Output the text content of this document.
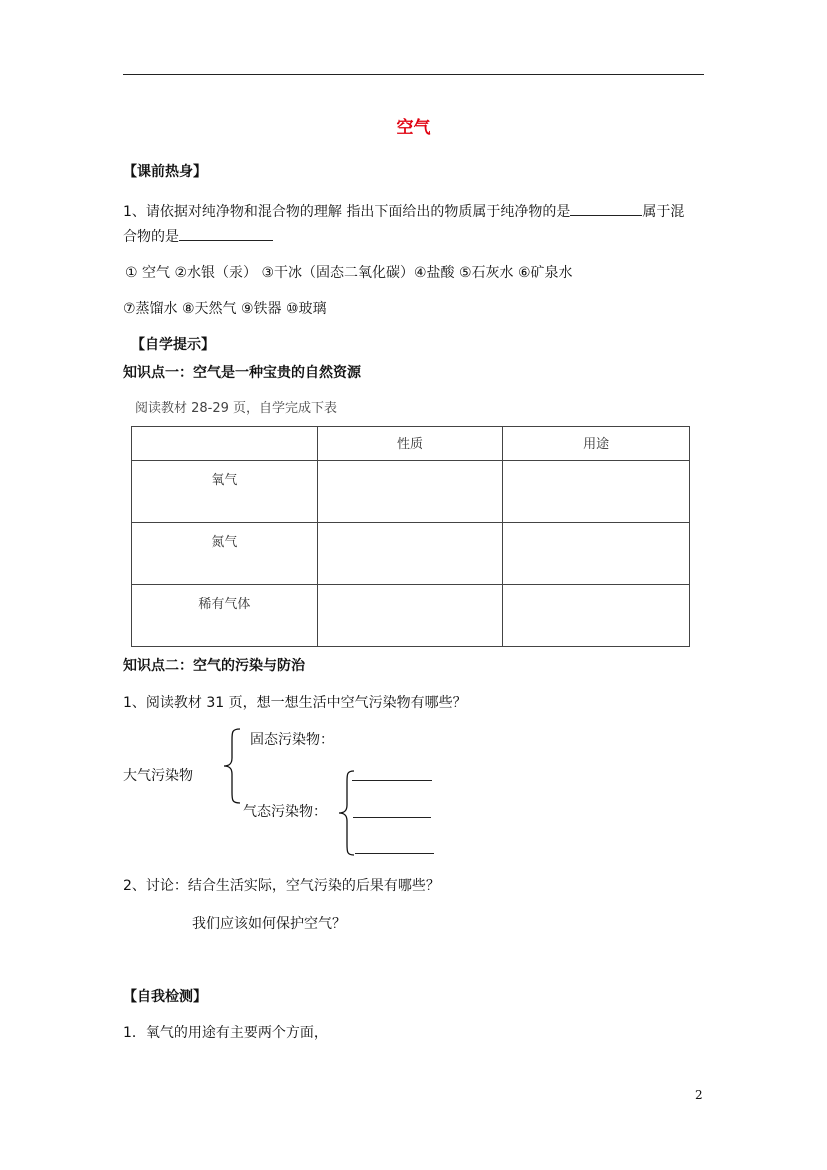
空气
【课前热身】
1、请依据对纯净物和混合物的理解 指出下面给出的物质属于纯净物的是	属于混
合物的是
① 空气 ②水银（汞） ③干冰（固态二氧化碳）④盐酸 ⑤石灰水 ⑥矿泉水
⑦蒸馏水 ⑧天然气 ⑨铁器 ⑩玻璃
【自学提示】
知识点一：空气是一种宝贵的自然资源
阅读教材 28-29 页，自学完成下表
	性质	用途
氧气		
氮气		
稀有气体		
知识点二：空气的污染与防治
1、阅读教材 31 页，想一想生活中空气污染物有哪些？
大气污染物
固态污染物：
气态污染物：
2、讨论：结合生活实际，空气污染的后果有哪些？
我们应该如何保护空气？
【自我检测】
1．氧气的用途有主要两个方面，
2
